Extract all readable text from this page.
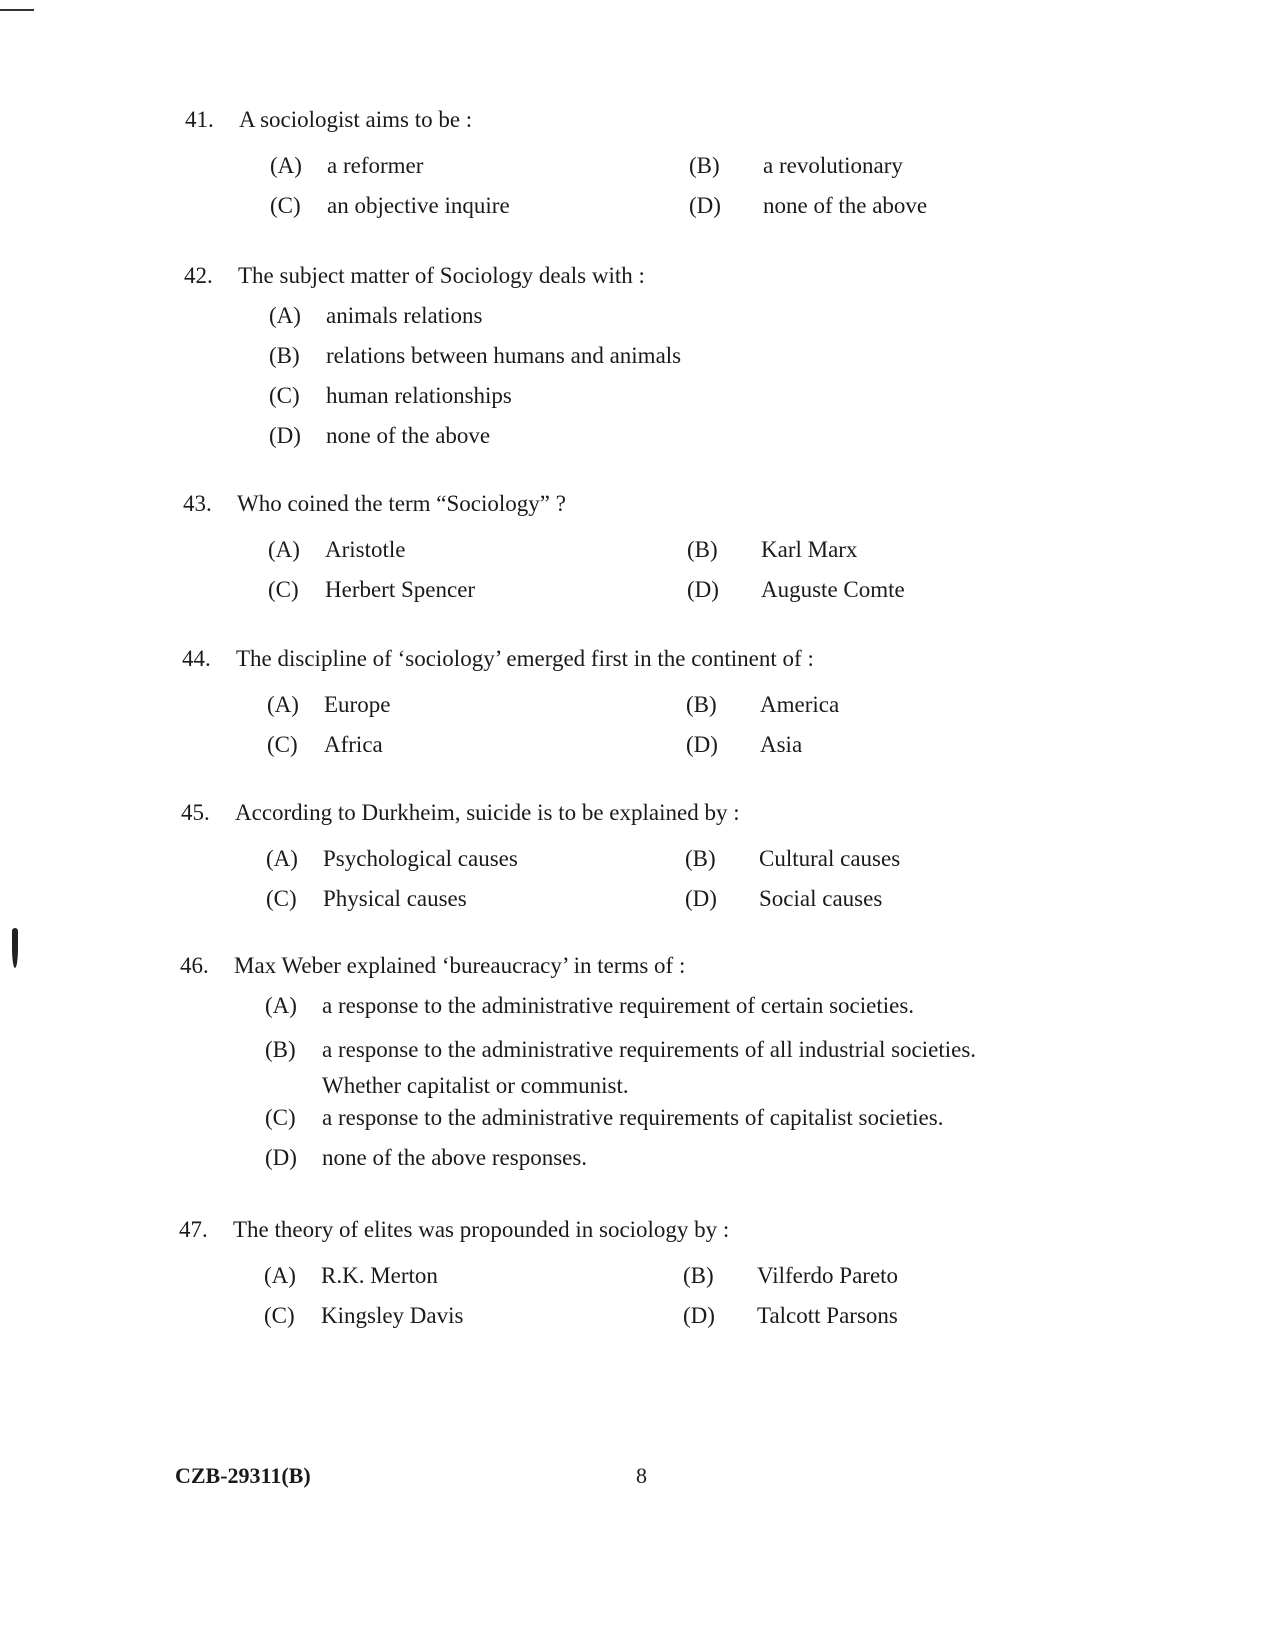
41.	A sociologist aims to be :
(A)	a reformer	(B)	a revolutionary
(C)	an objective inquire	(D)	none of the above
42.	The subject matter of Sociology deals with :
(A)	animals relations
(B)	relations between humans and animals
(C)	human relationships
(D)	none of the above
43.	Who coined the term “Sociology” ?
(A)	Aristotle	(B)	Karl Marx
(C)	Herbert Spencer	(D)	Auguste Comte
44.	The discipline of ‘sociology’ emerged first in the continent of :
(A)	Europe	(B)	America
(C)	Africa	(D)	Asia
45.	According to Durkheim, suicide is to be explained by :
(A)	Psychological causes	(B)	Cultural causes
(C)	Physical causes	(D)	Social causes
46.	Max Weber explained ‘bureaucracy’ in terms of :
(A)	a response to the administrative requirement of certain societies.
(B)	a response to the administrative requirements of all industrial societies. Whether capitalist or communist.
(C)	a response to the administrative requirements of capitalist societies.
(D)	none of the above responses.
47.	The theory of elites was propounded in sociology by :
(A)	R.K. Merton	(B)	Vilferdo Pareto
(C)	Kingsley Davis	(D)	Talcott Parsons
CZB-29311(B)	8
